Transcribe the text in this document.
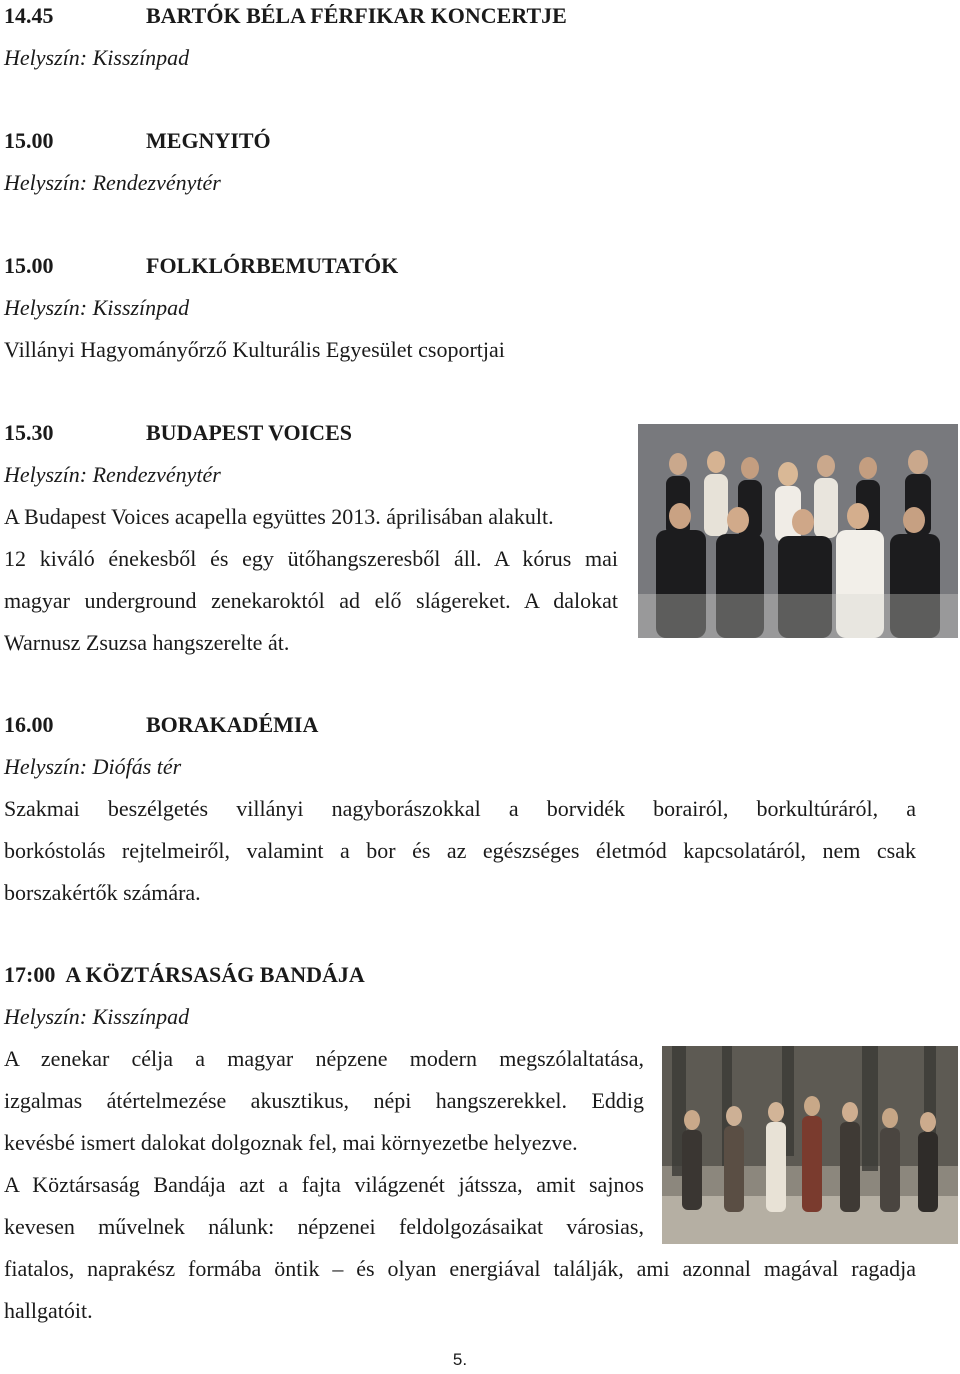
14.45	BARTÓK BÉLA FÉRFIKAR KONCERTJE
Helyszín: Kisszínpad
15.00	MEGNYITÓ
Helyszín: Rendezvénytér
15.00	FOLKLÓRBEMUTATÓK
Helyszín: Kisszínpad
Villányi Hagyományőrző Kulturális Egyesület csoportjai
15.30	BUDAPEST VOICES
Helyszín: Rendezvénytér
A Budapest Voices acapella együttes 2013. áprilisában alakult.
12 kiváló énekesből és egy ütőhangszeresből áll. A kórus mai
magyar underground zenekaroktól ad elő slágereket. A dalokat
Warnusz Zsuzsa hangszerelte át.
16.00	BORAKADÉMIA
Helyszín: Diófás tér
Szakmai beszélgetés villányi nagyborászokkal a borvidék borairól, borkultúráról, a
borkóstolás rejtelmeiről, valamint a bor és az egészséges életmód kapcsolatáról, nem csak
borszakértők számára.
17:00 A KÖZTÁRSASÁG BANDÁJA
Helyszín: Kisszínpad
A zenekar célja a magyar népzene modern megszólaltatása,
izgalmas átértelmezése akusztikus, népi hangszerekkel. Eddig
kevésbé ismert dalokat dolgoznak fel, mai környezetbe helyezve.
A Köztársaság Bandája azt a fajta világzenét játssza, amit sajnos
kevesen művelnek nálunk: népzenei feldolgozásaikat városias,
fiatalos, naprakész formába öntik – és olyan energiával találják, ami azonnal magával ragadja
hallgatóit.
5.
